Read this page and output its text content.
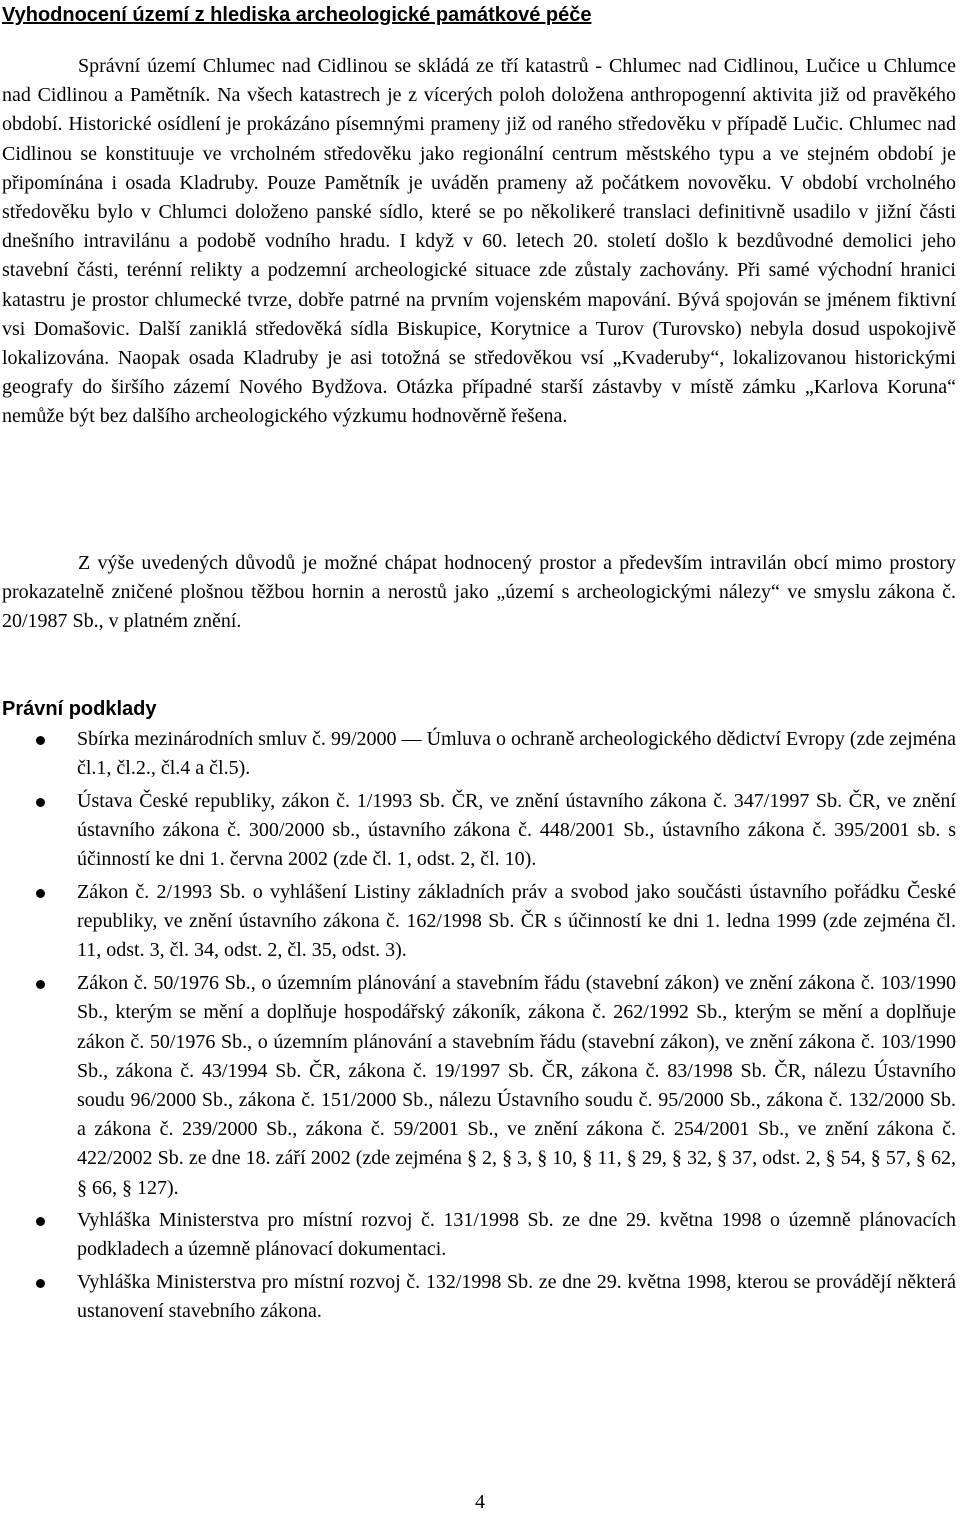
Vyhodnocení území z hlediska archeologické památkové péče

Správní území Chlumec nad Cidlinou se skládá ze tří katastrů - Chlumec nad Cidlinou, Lučice u Chlumce nad Cidlinou a Pamětník. Na všech katastrech je z vícerých poloh doložena anthropogenní aktivita již od pravěkého období. Historické osídlení je prokázáno písemnými prameny již od raného středověku v případě Lučic. Chlumec nad Cidlinou se konstituuje ve vrcholném středověku jako regionální centrum městského typu a ve stejném období je připomínána i osada Kladruby. Pouze Pamětník je uváděn prameny až počátkem novověku. V období vrcholného středověku bylo v Chlumci doloženo panské sídlo, které se po několikeré translaci definitivně usadilo v jižní části dnešního intravilánu a podobě vodního hradu. I když v 60. letech 20. století došlo k bezdůvodné demolici jeho stavební části, terénní relikty a podzemní archeologické situace zde zůstaly zachovány. Při samé východní hranici katastru je prostor chlumecké tvrze, dobře patrné na prvním vojenském mapování. Bývá spojován se jménem fiktivní vsi Domašovic. Další zaniklá středověká sídla Biskupice, Korytnice a Turov (Turovsko) nebyla dosud uspokojivě lokalizována. Naopak osada Kladruby je asi totožná se středověkou vsí „Kvaderuby“, lokalizovanou historickými geografy do širšího zázemí Nového Bydžova. Otázka případné starší zástavby v místě zámku „Karlova Koruna“ nemůže být bez dalšího archeologického výzkumu hodnověrně řešena.

Z výše uvedených důvodů je možné chápat hodnocený prostor a především intravilán obcí mimo prostory prokazatelně zničené plošnou těžbou hornin a nerostů jako „území s archeologickými nálezy“ ve smyslu zákona č. 20/1987 Sb., v platném znění.

Právní podklady
Sbírka mezinárodních smluv č. 99/2000 — Úmluva o ochraně archeologického dědictví Evropy (zde zejména čl.1, čl.2., čl.4 a čl.5).
Ústava České republiky, zákon č. 1/1993 Sb. ČR, ve znění ústavního zákona č. 347/1997 Sb. ČR, ve znění ústavního zákona č. 300/2000 sb., ústavního zákona č. 448/2001 Sb., ústavního zákona č. 395/2001 sb. s účinností ke dni 1. června 2002 (zde čl. 1, odst. 2, čl. 10).
Zákon č. 2/1993 Sb. o vyhlášení Listiny základních práv a svobod jako součásti ústavního pořádku České republiky, ve znění ústavního zákona č. 162/1998 Sb. ČR s účinností ke dni 1. ledna 1999 (zde zejména čl. 11, odst. 3, čl. 34, odst. 2, čl. 35, odst. 3).
Zákon č. 50/1976 Sb., o územním plánování a stavebním řádu (stavební zákon) ve znění zákona č. 103/1990 Sb., kterým se mění a doplňuje hospodářský zákoník, zákona č. 262/1992 Sb., kterým se mění a doplňuje zákon č. 50/1976 Sb., o územním plánování a stavebním řádu (stavební zákon), ve znění zákona č. 103/1990 Sb., zákona č. 43/1994 Sb. ČR, zákona č. 19/1997 Sb. ČR, zákona č. 83/1998 Sb. ČR, nálezu Ústavního soudu 96/2000 Sb., zákona č. 151/2000 Sb., nálezu Ústavního soudu č. 95/2000 Sb., zákona č. 132/2000 Sb. a zákona č. 239/2000 Sb., zákona č. 59/2001 Sb., ve znění zákona č. 254/2001 Sb., ve znění zákona č. 422/2002 Sb. ze dne 18. září 2002 (zde zejména § 2, § 3, § 10, § 11, § 29, § 32, § 37, odst. 2, § 54, § 57, § 62, § 66, § 127).
Vyhláška Ministerstva pro místní rozvoj č. 131/1998 Sb. ze dne 29. května 1998 o územně plánovacích podkladech a územně plánovací dokumentaci.
Vyhláška Ministerstva pro místní rozvoj č. 132/1998 Sb. ze dne 29. května 1998, kterou se provádějí některá ustanovení stavebního zákona.

4
